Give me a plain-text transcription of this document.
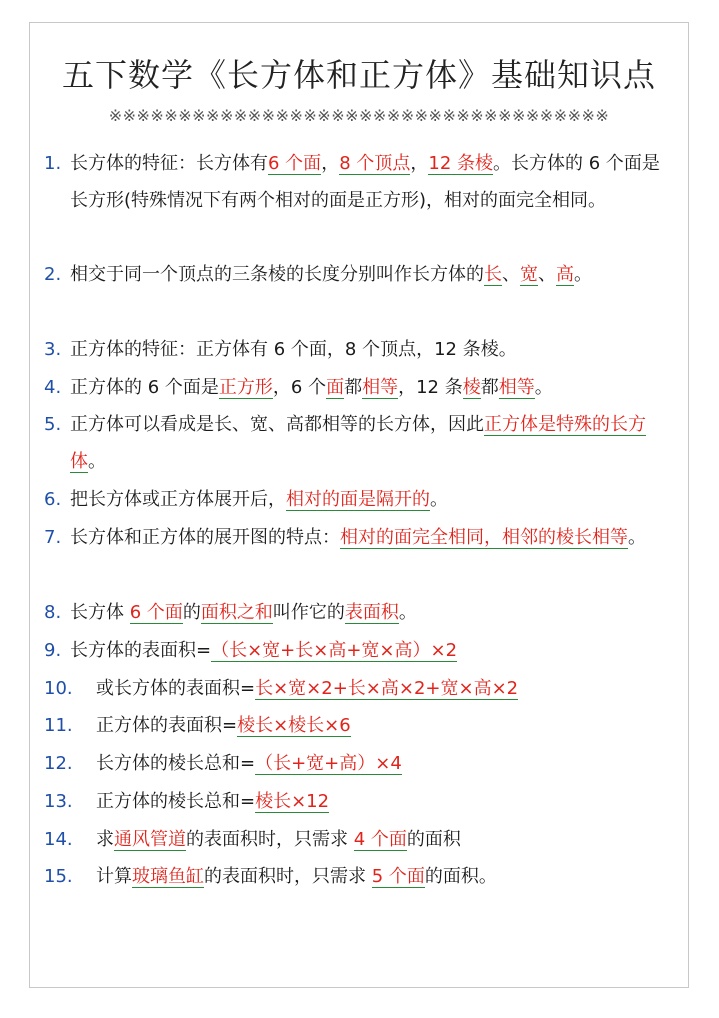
五下数学《长方体和正方体》基础知识点
※※※※※※※※※※※※※※※※※※※※※※※※※※※※※※※※※※※※
1. 长方体的特征：长方体有6 个面，8 个顶点，12 条棱。长方体的 6 个面是长方形(特殊情况下有两个相对的面是正方形)，相对的面完全相同。
2. 相交于同一个顶点的三条棱的长度分别叫作长方体的长、宽、高。
3. 正方体的特征：正方体有 6 个面，8 个顶点，12 条棱。
4. 正方体的 6 个面是正方形，6 个面都相等，12 条棱都相等。
5. 正方体可以看成是长、宽、高都相等的长方体，因此正方体是特殊的长方体。
6. 把长方体或正方体展开后，相对的面是隔开的。
7. 长方体和正方体的展开图的特点：相对的面完全相同，相邻的棱长相等。
8. 长方体 6 个面的面积之和叫作它的表面积。
9. 长方体的表面积=（长×宽+长×高+宽×高）×2
10. 或长方体的表面积=长×宽×2+长×高×2+宽×高×2
11. 正方体的表面积=棱长×棱长×6
12. 长方体的棱长总和=（长+宽+高）×4
13. 正方体的棱长总和=棱长×12
14. 求通风管道的表面积时，只需求 4 个面的面积
15. 计算玻璃鱼缸的表面积时，只需求 5 个面的面积。
